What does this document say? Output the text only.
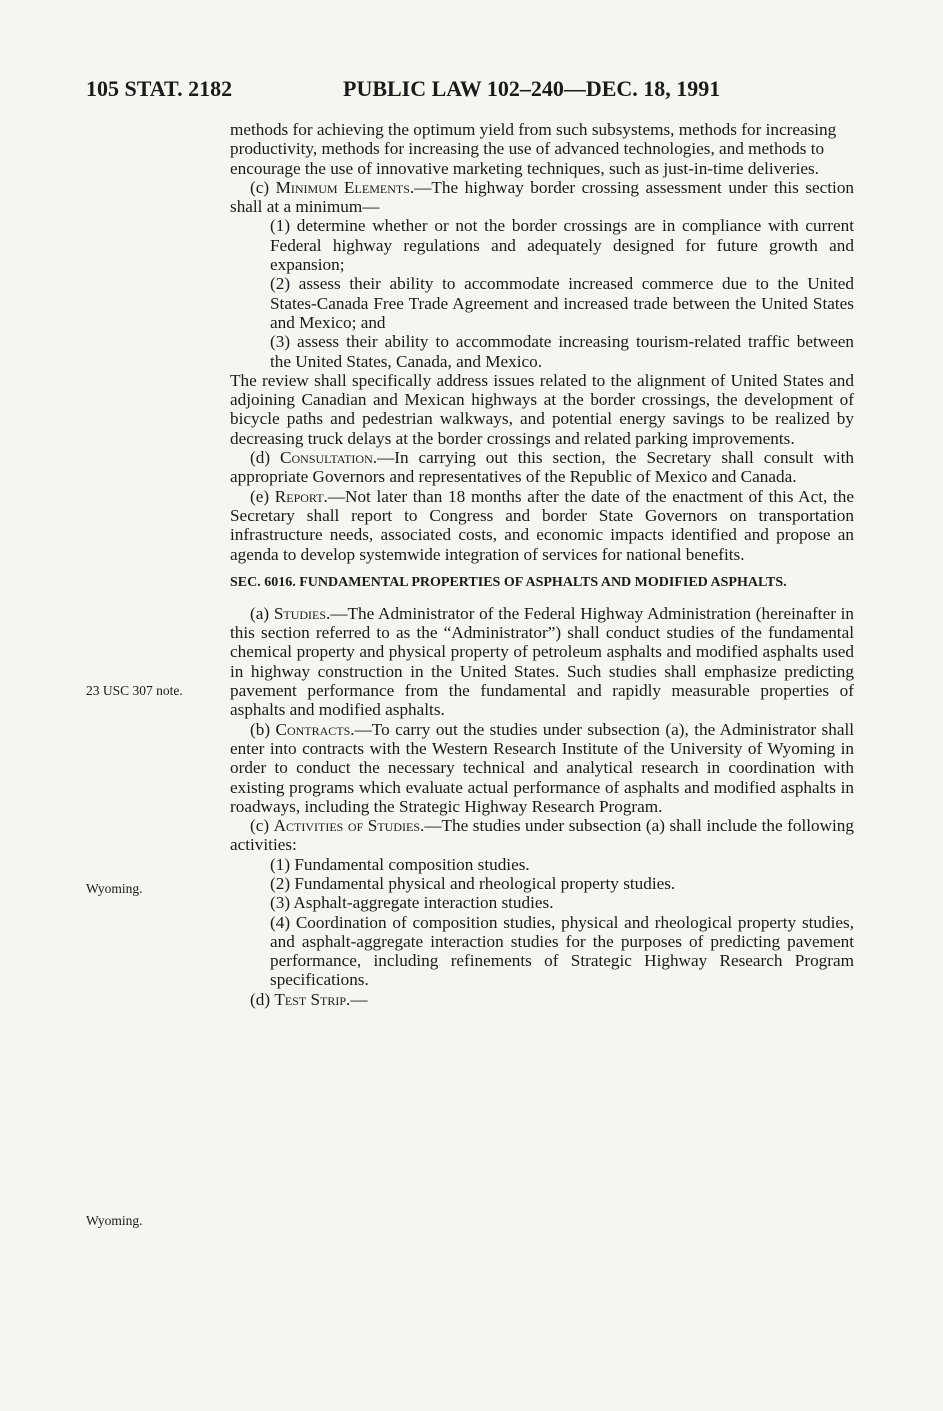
105 STAT. 2182	PUBLIC LAW 102–240—DEC. 18, 1991
23 USC 307 note.
Wyoming.
Wyoming.

methods for achieving the optimum yield from such subsystems, methods for increasing productivity, methods for increasing the use of advanced technologies, and methods to encourage the use of innovative marketing techniques, such as just-in-time deliveries.

(c) Minimum Elements.—The highway border crossing assessment under this section shall at a minimum—

(1) determine whether or not the border crossings are in compliance with current Federal highway regulations and adequately designed for future growth and expansion;

(2) assess their ability to accommodate increased commerce due to the United States-Canada Free Trade Agreement and increased trade between the United States and Mexico; and

(3) assess their ability to accommodate increasing tourism-related traffic between the United States, Canada, and Mexico.

The review shall specifically address issues related to the alignment of United States and adjoining Canadian and Mexican highways at the border crossings, the development of bicycle paths and pedestrian walkways, and potential energy savings to be realized by decreasing truck delays at the border crossings and related parking improvements.

(d) Consultation.—In carrying out this section, the Secretary shall consult with appropriate Governors and representatives of the Republic of Mexico and Canada.

(e) Report.—Not later than 18 months after the date of the enactment of this Act, the Secretary shall report to Congress and border State Governors on transportation infrastructure needs, associated costs, and economic impacts identified and propose an agenda to develop systemwide integration of services for national benefits.

SEC. 6016. FUNDAMENTAL PROPERTIES OF ASPHALTS AND MODIFIED ASPHALTS.

(a) Studies.—The Administrator of the Federal Highway Administration (hereinafter in this section referred to as the “Administrator”) shall conduct studies of the fundamental chemical property and physical property of petroleum asphalts and modified asphalts used in highway construction in the United States. Such studies shall emphasize predicting pavement performance from the fundamental and rapidly measurable properties of asphalts and modified asphalts.

(b) Contracts.—To carry out the studies under subsection (a), the Administrator shall enter into contracts with the Western Research Institute of the University of Wyoming in order to conduct the necessary technical and analytical research in coordination with existing programs which evaluate actual performance of asphalts and modified asphalts in roadways, including the Strategic Highway Research Program.

(c) Activities of Studies.—The studies under subsection (a) shall include the following activities:

(1) Fundamental composition studies.

(2) Fundamental physical and rheological property studies.

(3) Asphalt-aggregate interaction studies.

(4) Coordination of composition studies, physical and rheological property studies, and asphalt-aggregate interaction studies for the purposes of predicting pavement performance, including refinements of Strategic Highway Research Program specifications.

(d) Test Strip.—
